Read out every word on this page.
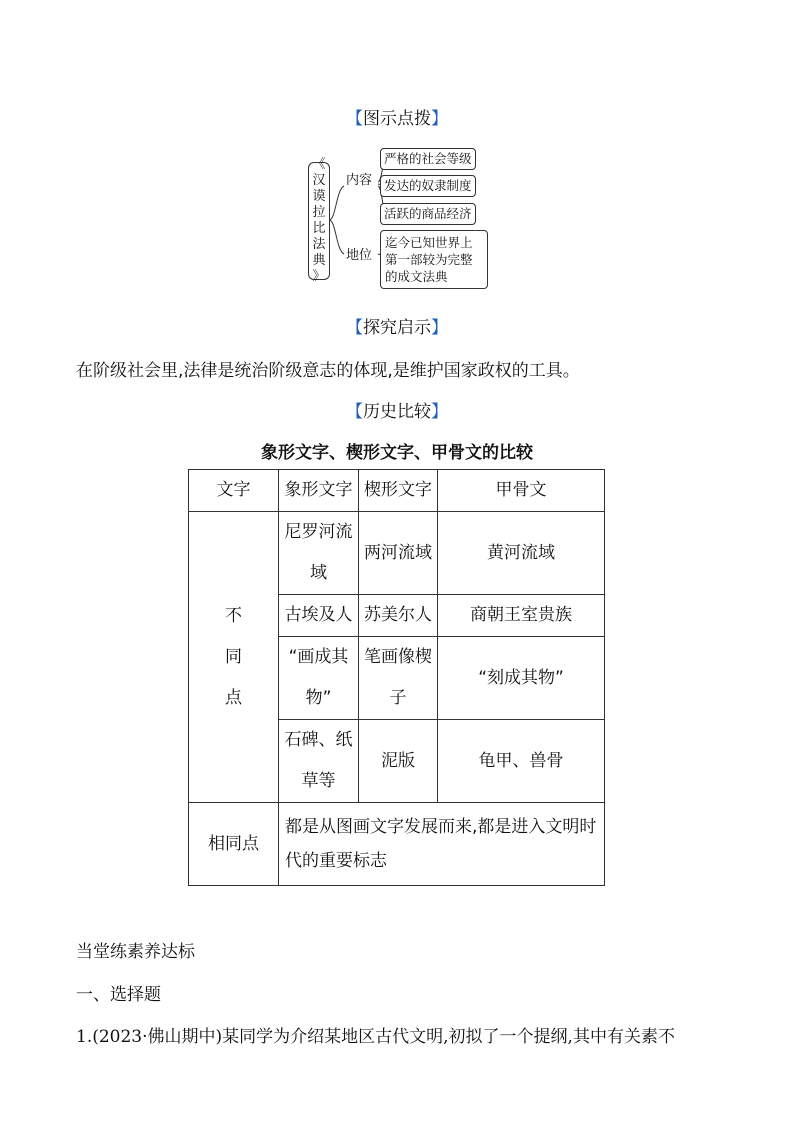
【图示点拨】
《
汉
谟
拉
比
法
典
》
内容
地位
严格的社会等级
发达的奴隶制度
活跃的商品经济
迄今已知世界上第一部较为完整的成文法典
【探究启示】
在阶级社会里,法律是统治阶级意志的体现,是维护国家政权的工具。
【历史比较】
象形文字、楔形文字、甲骨文的比较
文字	象形文字	楔形文字	甲骨文

不
同
点	尼罗河流域	两河流域	黄河流域
	古埃及人	苏美尔人	商朝王室贵族
	“画成其物”	笔画像楔子	“刻成其物”
	石碑、纸草等	泥版	龟甲、兽骨
相同点	都是从图画文字发展而来,都是进入文明时代的重要标志		
当堂练素养达标
一、选择题
1.(2023·佛山期中)某同学为介绍某地区古代文明,初拟了一个提纲,其中有关素不
